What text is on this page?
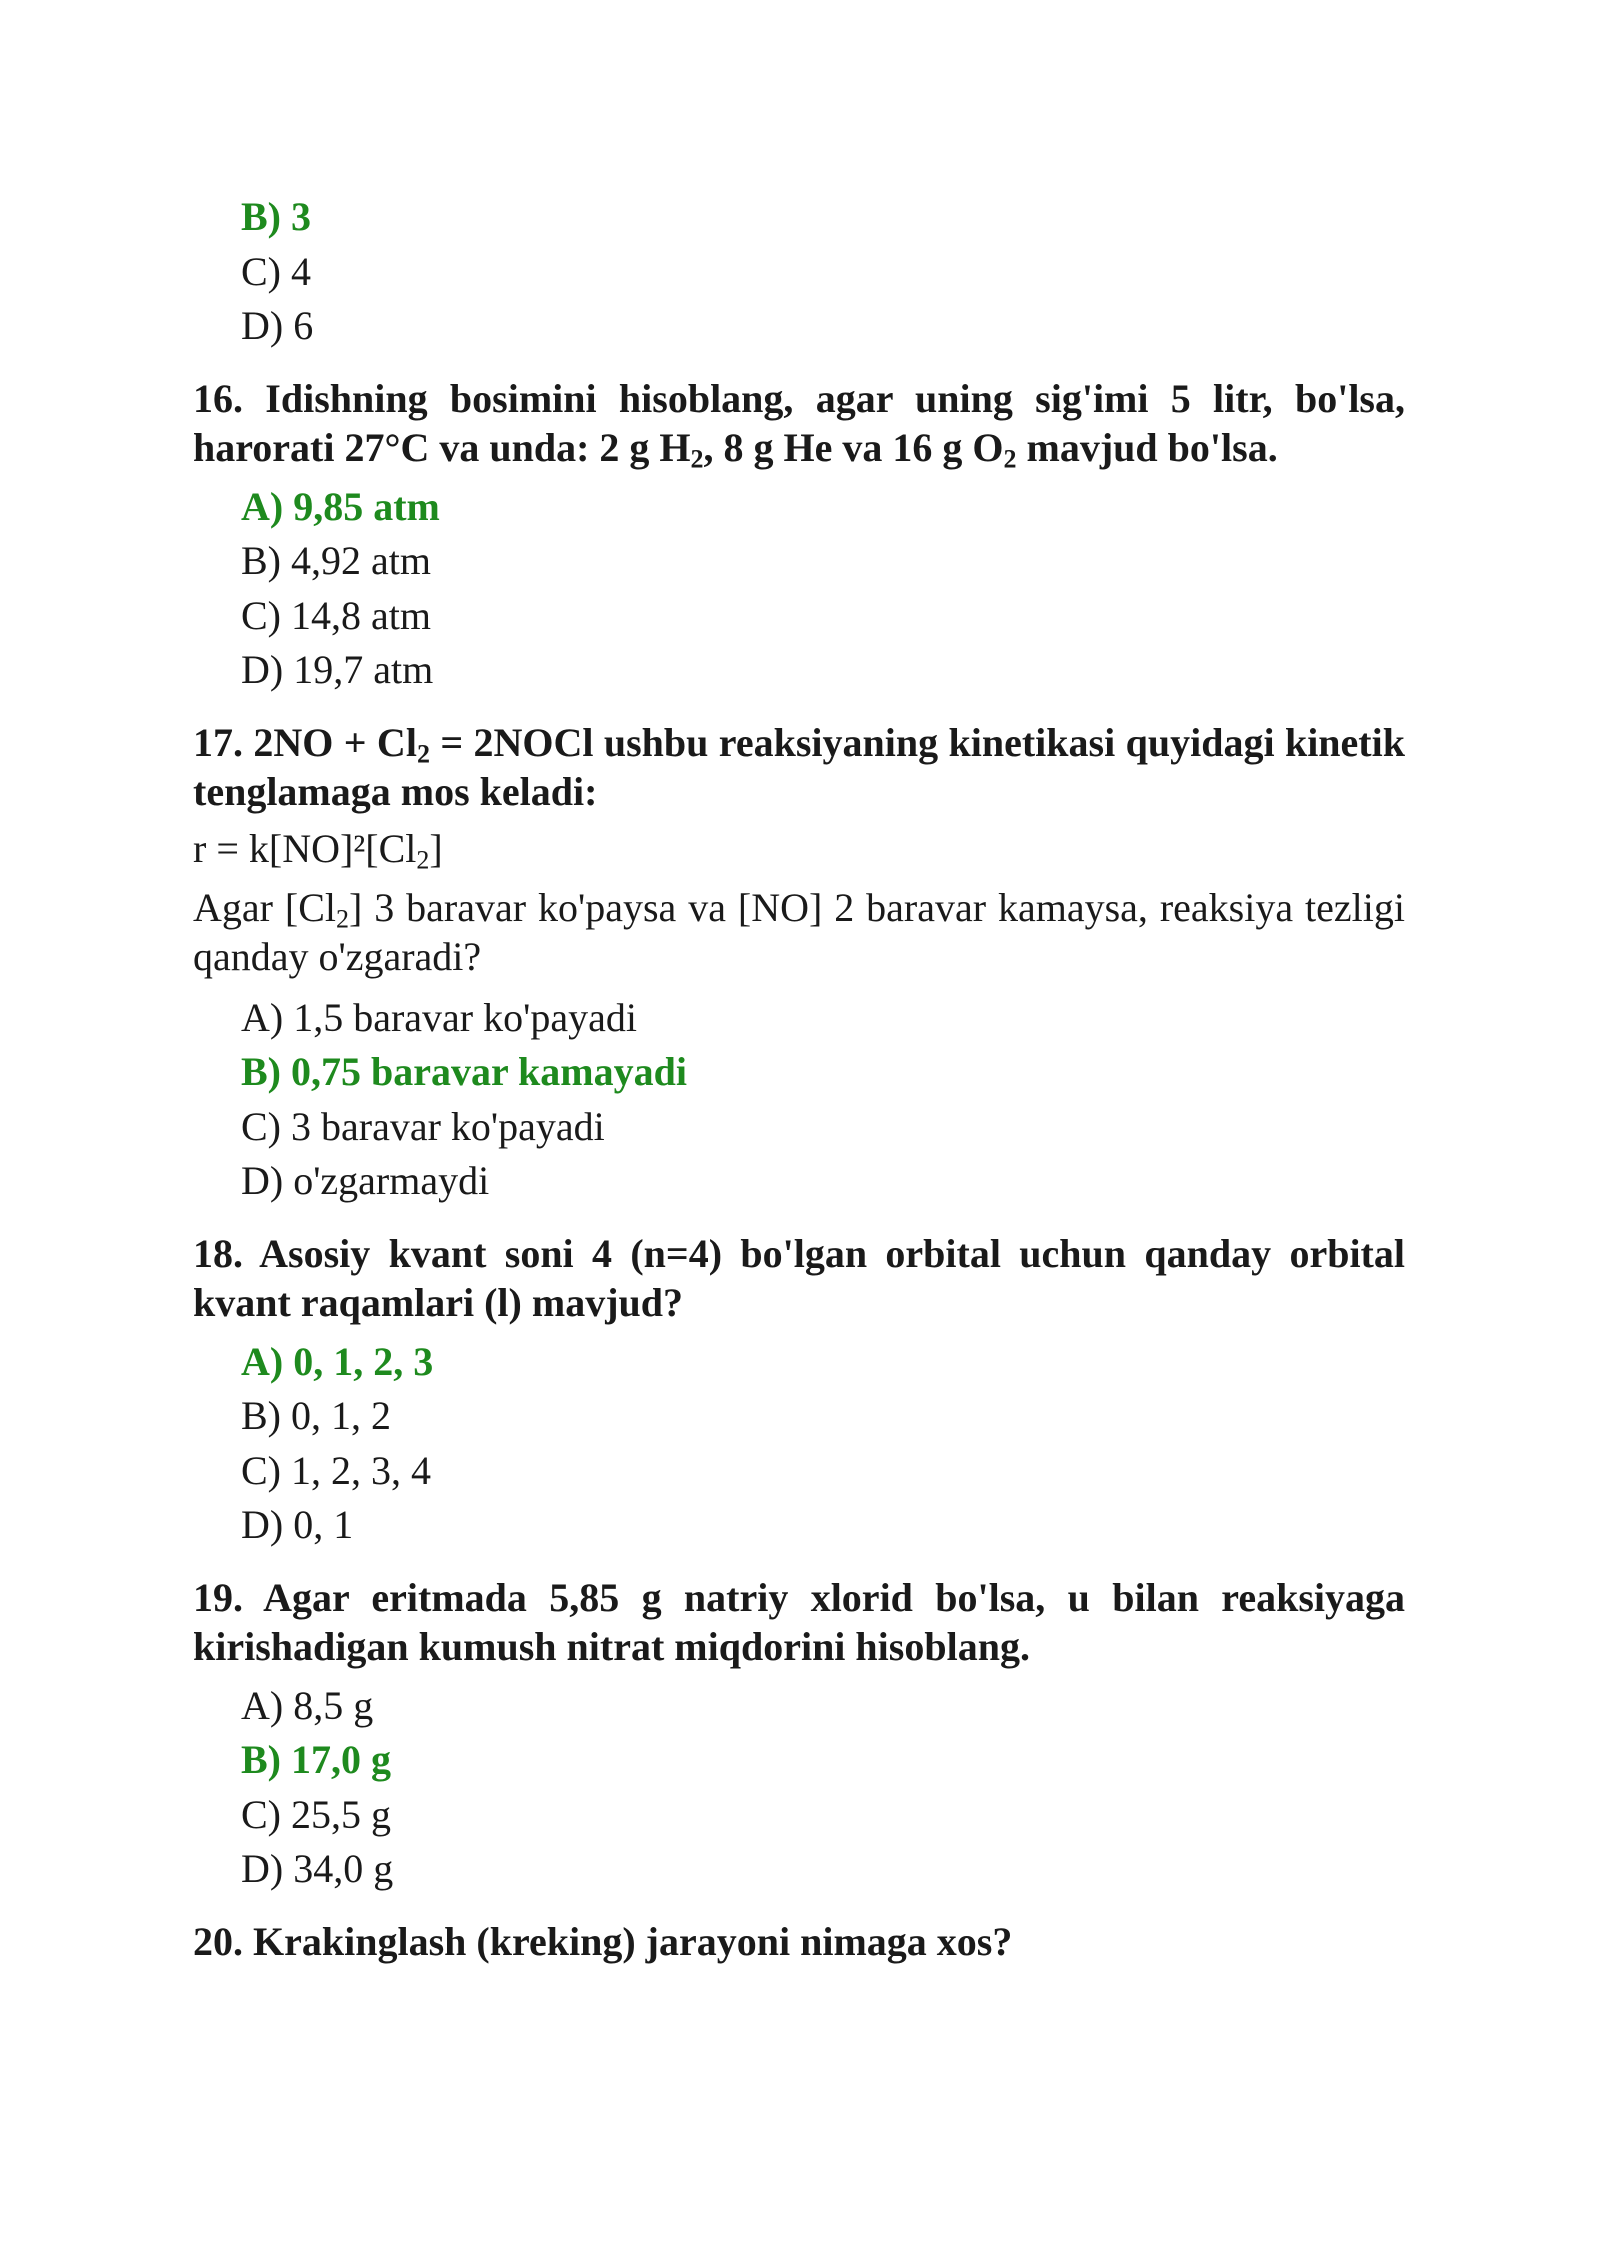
B) 3
C) 4
D) 6
16. Idishning bosimini hisoblang, agar uning sig'imi 5 litr, bo'lsa, harorati 27°C va unda: 2 g $H_2$, 8 g He va 16 g $O_2$ mavjud bo'lsa.
A) 9,85 atm
B) 4,92 atm
C) 14,8 atm
D) 19,7 atm
17. $2NO + Cl_2$ = 2NOCl ushbu reaksiyaning kinetikasi quyidagi kinetik tenglamaga mos keladi:
$r = k[NO]^2[Cl_2]$
Agar $[Cl_2]$ 3 baravar ko'paysa va [NO] 2 baravar kamaysa, reaksiya tezligi qanday o'zgaradi?
A) 1,5 baravar ko'payadi
B) 0,75 baravar kamayadi
C) 3 baravar ko'payadi
D) o'zgarmaydi
18. Asosiy kvant soni 4 (n=4) bo'lgan orbital uchun qanday orbital kvant raqamlari (l) mavjud?
A) 0, 1, 2, 3
B) 0, 1, 2
C) 1, 2, 3, 4
D) 0, 1
19. Agar eritmada 5,85 g natriy xlorid bo'lsa, u bilan reaksiyaga kirishadigan kumush nitrat miqdorini hisoblang.
A) 8,5 g
B) 17,0 g
C) 25,5 g
D) 34,0 g
20. Krakinglash (kreking) jarayoni nimaga xos?
